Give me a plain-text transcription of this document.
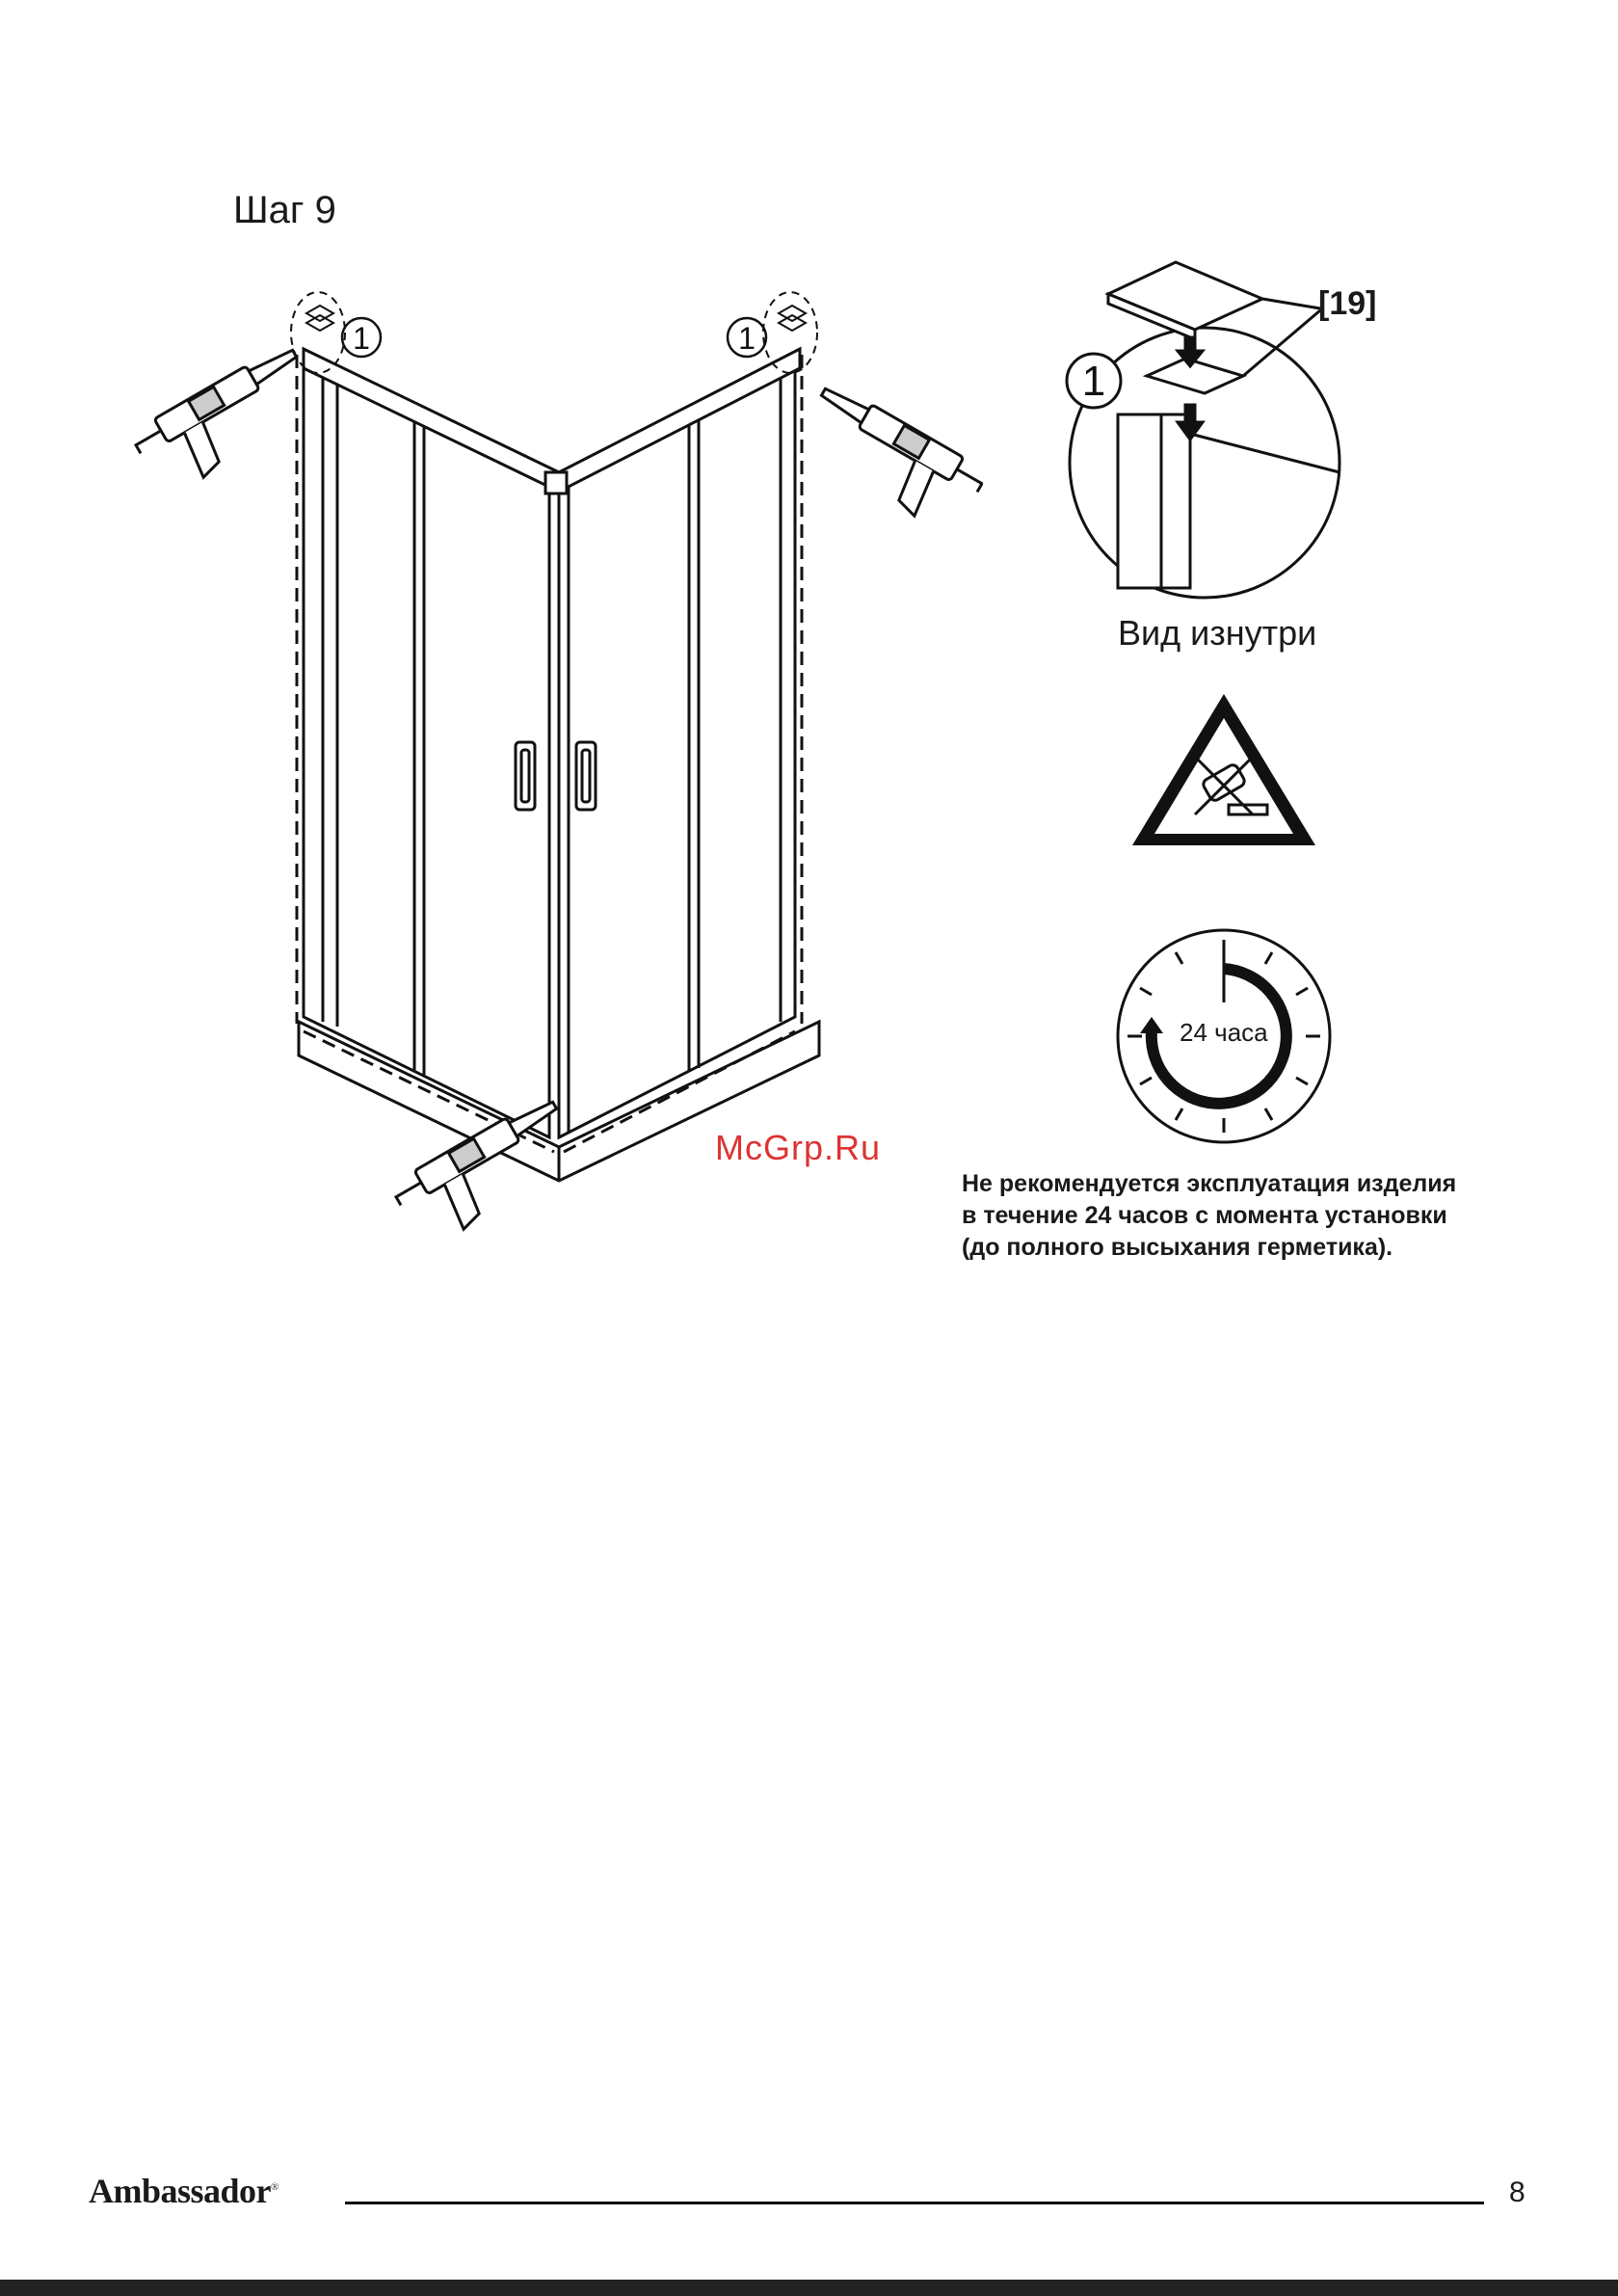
Шаг 9
1	1
1
[19]
Вид изнутри
24 часа
McGrp.Ru
Не рекомендуется эксплуатация изделия
в течение 24 часов с момента установки
(до полного высыхания герметика).
Ambassador®	8
